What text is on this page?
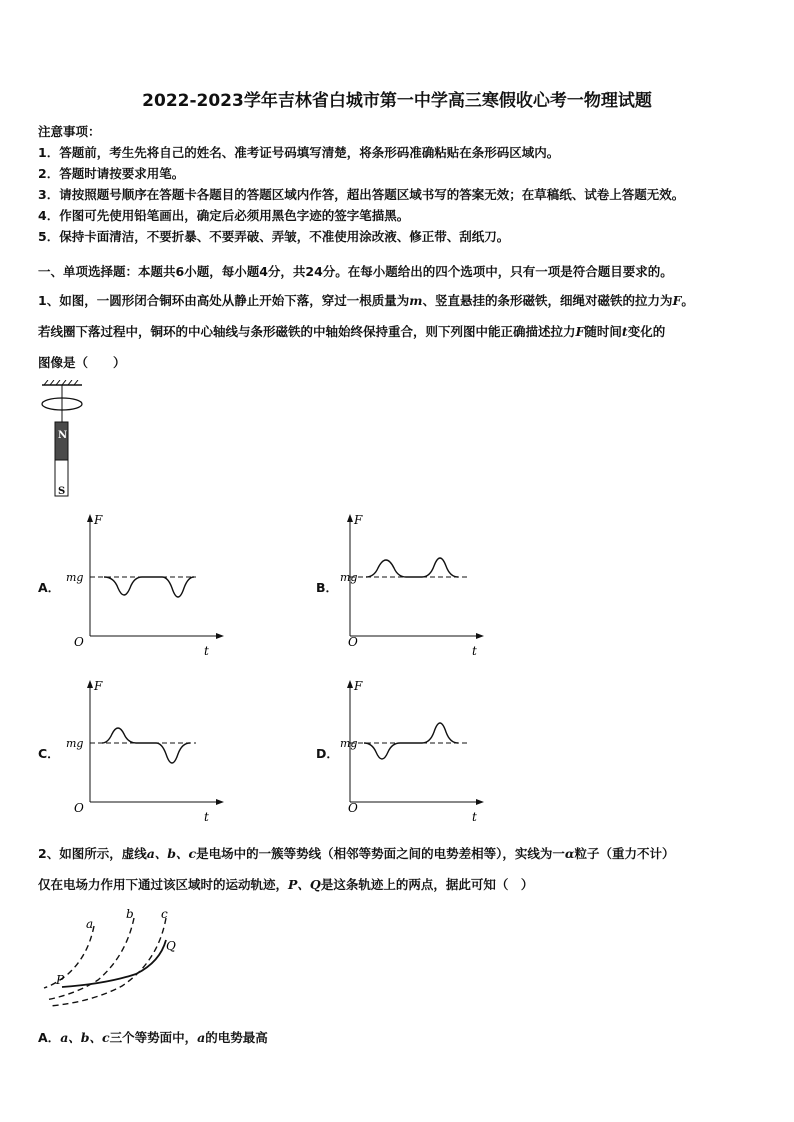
2022-2023学年吉林省白城市第一中学高三寒假收心考一物理试题
注意事项：
1．答题前，考生先将自己的姓名、准考证号码填写清楚，将条形码准确粘贴在条形码区域内。
2．答题时请按要求用笔。
3．请按照题号顺序在答题卡各题目的答题区域内作答，超出答题区域书写的答案无效；在草稿纸、试卷上答题无效。
4．作图可先使用铅笔画出，确定后必须用黑色字迹的签字笔描黑。
5．保持卡面清洁，不要折暴、不要弄破、弄皱，不准使用涂改液、修正带、刮纸刀。
一、单项选择题：本题共6小题，每小题4分，共24分。在每小题给出的四个选项中，只有一项是符合题目要求的。
1、如图，一圆形闭合铜环由高处从静止开始下落，穿过一根质量为m、竖直悬挂的条形磁铁，细绳对磁铁的拉力为F。
若线圈下落过程中，铜环的中心轴线与条形磁铁的中轴始终保持重合，则下列图中能正确描述拉力F随时间t变化的
图像是（　　）
N
S
A．
F
t
O
mg
B．
F
t
O
mg
C．
F
t
O
mg
D．
F
t
O
mg
2、如图所示，虚线a、b、c是电场中的一簇等势线（相邻等势面之间的电势差相等），实线为一α粒子（重力不计）
仅在电场力作用下通过该区域时的运动轨迹，P、Q是这条轨迹上的两点，据此可知（　）
a
b c
P
Q
A．a、b、c三个等势面中，a的电势最高
